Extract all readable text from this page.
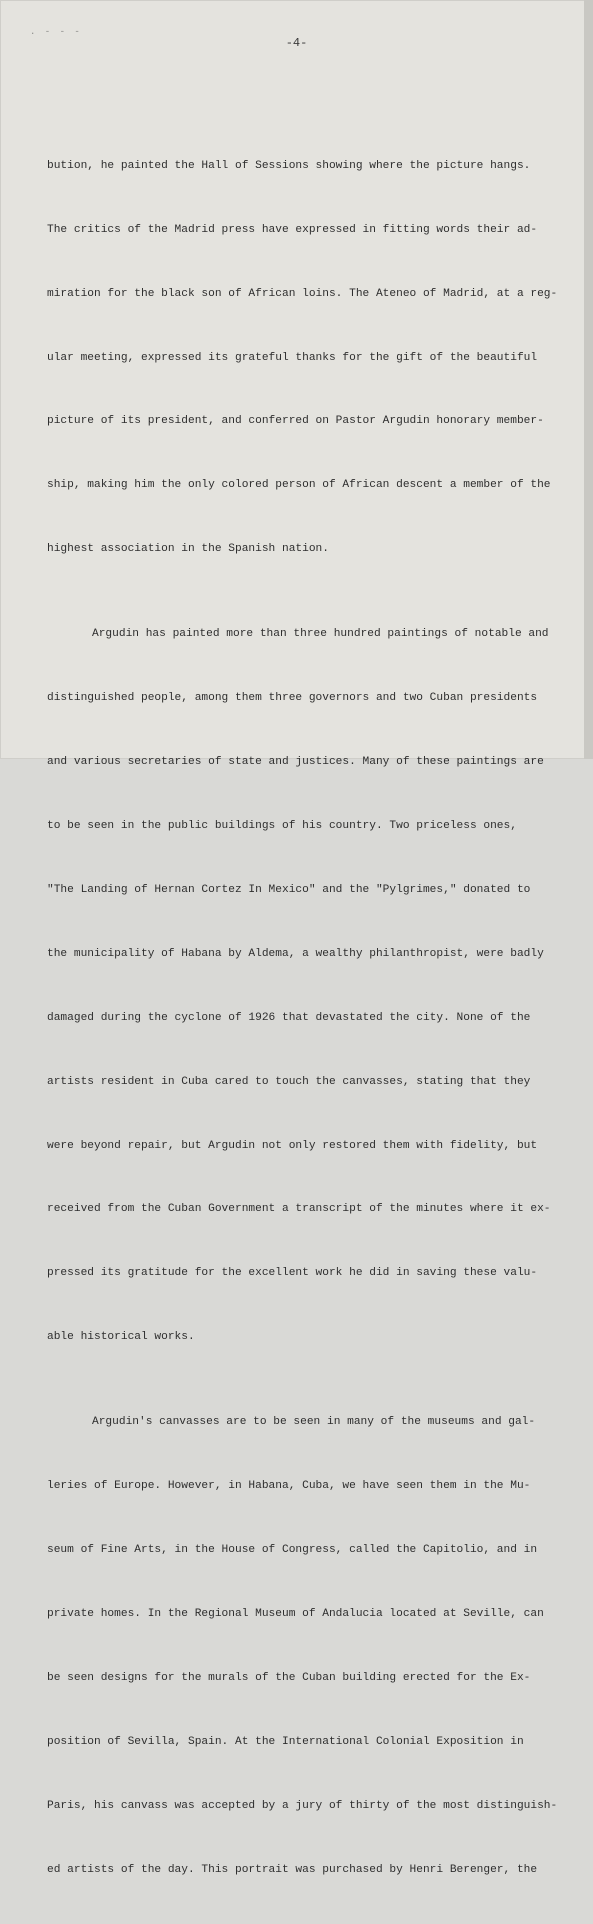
. - - -
-4-

bution, he painted the Hall of Sessions showing where the picture hangs.

The critics of the Madrid press have expressed in fitting words their ad-

miration for the black son of African loins. The Ateneo of Madrid, at a reg-

ular meeting, expressed its grateful thanks for the gift of the beautiful

picture of its president, and conferred on Pastor Argudin honorary member-

ship, making him the only colored person of African descent a member of the

highest association in the Spanish nation.

Argudin has painted more than three hundred paintings of notable and

distinguished people, among them three governors and two Cuban presidents

and various secretaries of state and justices. Many of these paintings are

to be seen in the public buildings of his country. Two priceless ones,

"The Landing of Hernan Cortez In Mexico" and the "Pylgrimes," donated to

the municipality of Habana by Aldema, a wealthy philanthropist, were badly

damaged during the cyclone of 1926 that devastated the city. None of the

artists resident in Cuba cared to touch the canvasses, stating that they

were beyond repair, but Argudin not only restored them with fidelity, but

received from the Cuban Government a transcript of the minutes where it ex-

pressed its gratitude for the excellent work he did in saving these valu-

able historical works.

Argudin's canvasses are to be seen in many of the museums and gal-

leries of Europe. However, in Habana, Cuba, we have seen them in the Mu-

seum of Fine Arts, in the House of Congress, called the Capitolio, and in

private homes. In the Regional Museum of Andalucia located at Seville, can

be seen designs for the murals of the Cuban building erected for the Ex-

position of Sevilla, Spain. At the International Colonial Exposition in

Paris, his canvass was accepted by a jury of thirty of the most distinguish-

ed artists of the day. This portrait was purchased by Henri Berenger, the
